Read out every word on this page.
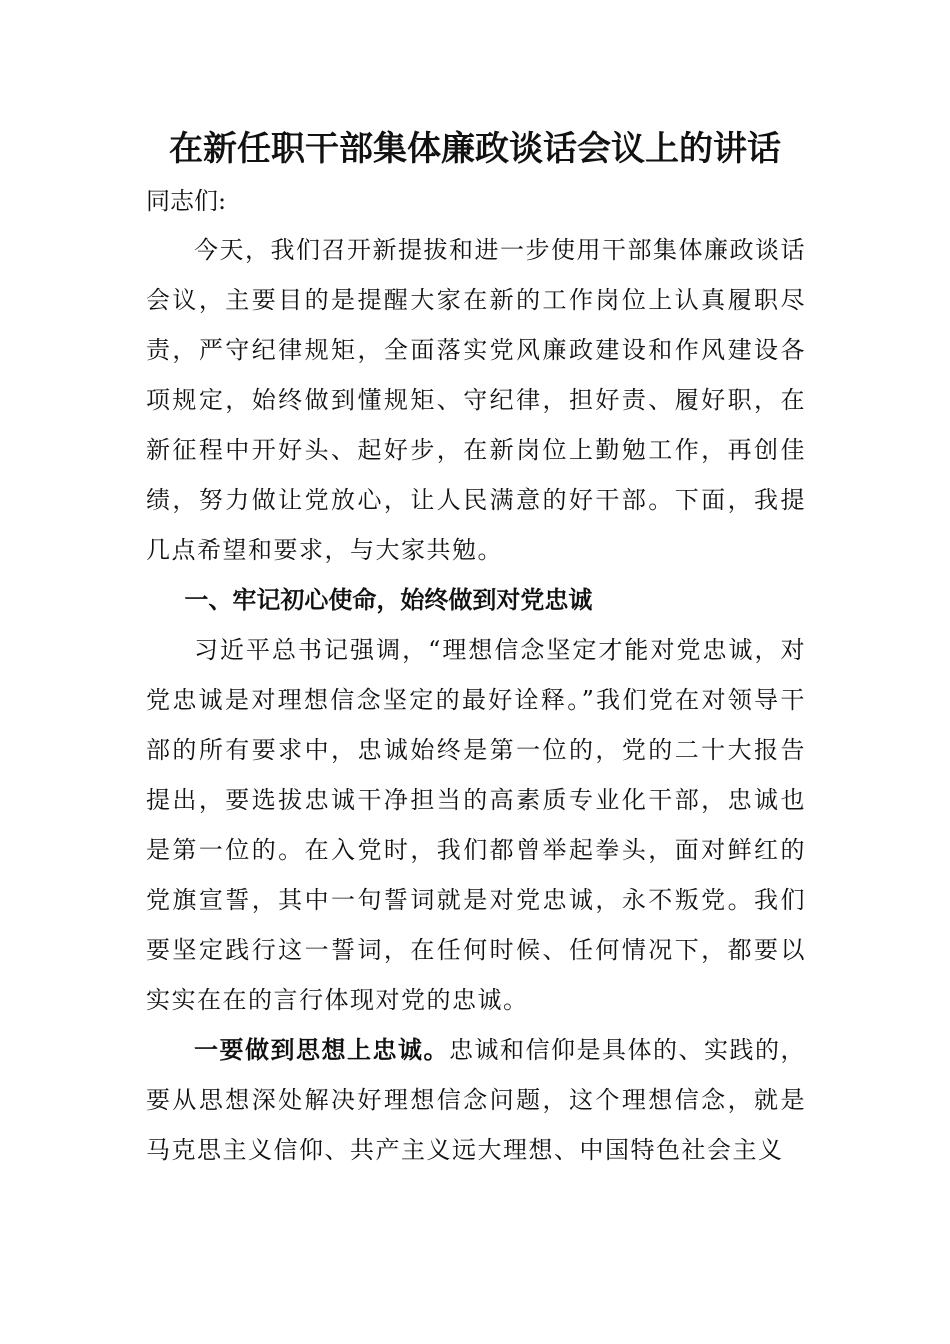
在新任职干部集体廉政谈话会议上的讲话

同志们:

今天，我们召开新提拔和进一步使用干部集体廉政谈话会议，主要目的是提醒大家在新的工作岗位上认真履职尽责，严守纪律规矩，全面落实党风廉政建设和作风建设各项规定，始终做到懂规矩、守纪律，担好责、履好职，在新征程中开好头、起好步，在新岗位上勤勉工作，再创佳绩，努力做让党放心，让人民满意的好干部。下面，我提几点希望和要求，与大家共勉。

一、牢记初心使命，始终做到对党忠诚

习近平总书记强调，“理想信念坚定才能对党忠诚，对党忠诚是对理想信念坚定的最好诠释。”我们党在对领导干部的所有要求中，忠诚始终是第一位的，党的二十大报告提出，要选拔忠诚干净担当的高素质专业化干部，忠诚也是第一位的。在入党时，我们都曾举起拳头，面对鲜红的党旗宣誓，其中一句誓词就是对党忠诚，永不叛党。我们要坚定践行这一誓词，在任何时候、任何情况下，都要以实实在在的言行体现对党的忠诚。

一要做到思想上忠诚。忠诚和信仰是具体的、实践的，要从思想深处解决好理想信念问题，这个理想信念，就是马克思主义信仰、共产主义远大理想、中国特色社会主义
